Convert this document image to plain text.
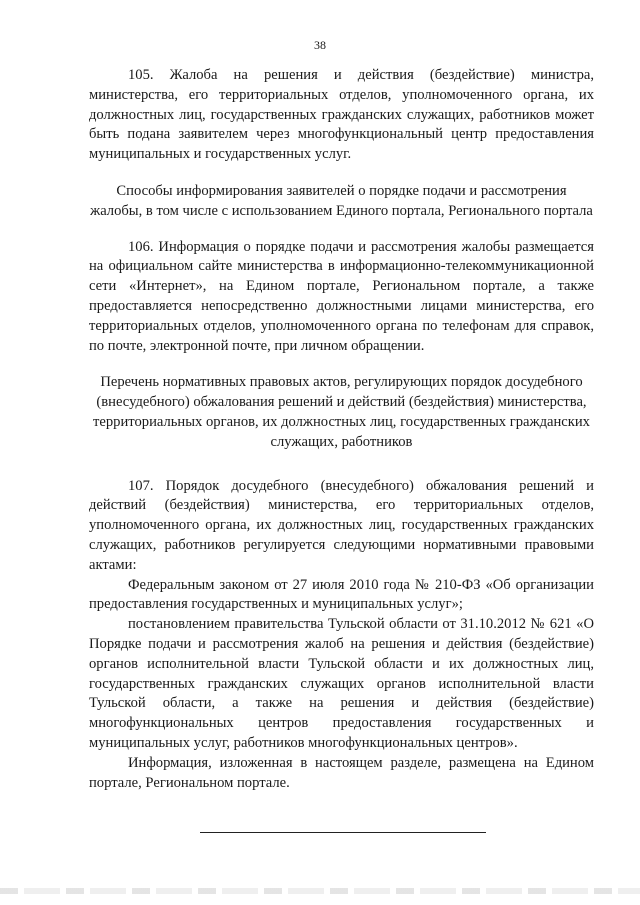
38

105. Жалоба на решения и действия (бездействие) министра, министерства, его территориальных отделов, уполномоченного органа, их должностных лиц, государственных гражданских служащих, работников может быть подана заявителем через многофункциональный центр предоставления муниципальных и государственных услуг.

Способы информирования заявителей о порядке подачи и рассмотрения жалобы, в том числе с использованием Единого портала, Регионального портала

106. Информация о порядке подачи и рассмотрения жалобы размещается на официальном сайте министерства в информационно-телекоммуникационной сети «Интернет», на Едином портале, Региональном портале, а также предоставляется непосредственно должностными лицами министерства, его территориальных отделов, уполномоченного органа по телефонам для справок, по почте, электронной почте, при личном обращении.

Перечень нормативных правовых актов, регулирующих порядок досудебного (внесудебного) обжалования решений и действий (бездействия) министерства, территориальных органов, их должностных лиц, государственных гражданских служащих, работников

107. Порядок досудебного (внесудебного) обжалования решений и действий (бездействия) министерства, его территориальных отделов, уполномоченного органа, их должностных лиц, государственных гражданских служащих, работников регулируется следующими нормативными правовыми актами:

Федеральным законом от 27 июля 2010 года № 210-ФЗ «Об организации предоставления государственных и муниципальных услуг»;

постановлением правительства Тульской области от 31.10.2012 № 621 «О Порядке подачи и рассмотрения жалоб на решения и действия (бездействие) органов исполнительной власти Тульской области и их должностных лиц, государственных гражданских служащих органов исполнительной власти Тульской области, а также на решения и действия (бездействие) многофункциональных центров предоставления государственных и муниципальных услуг, работников многофункциональных центров».

Информация, изложенная в настоящем разделе, размещена на Едином портале, Региональном портале.
